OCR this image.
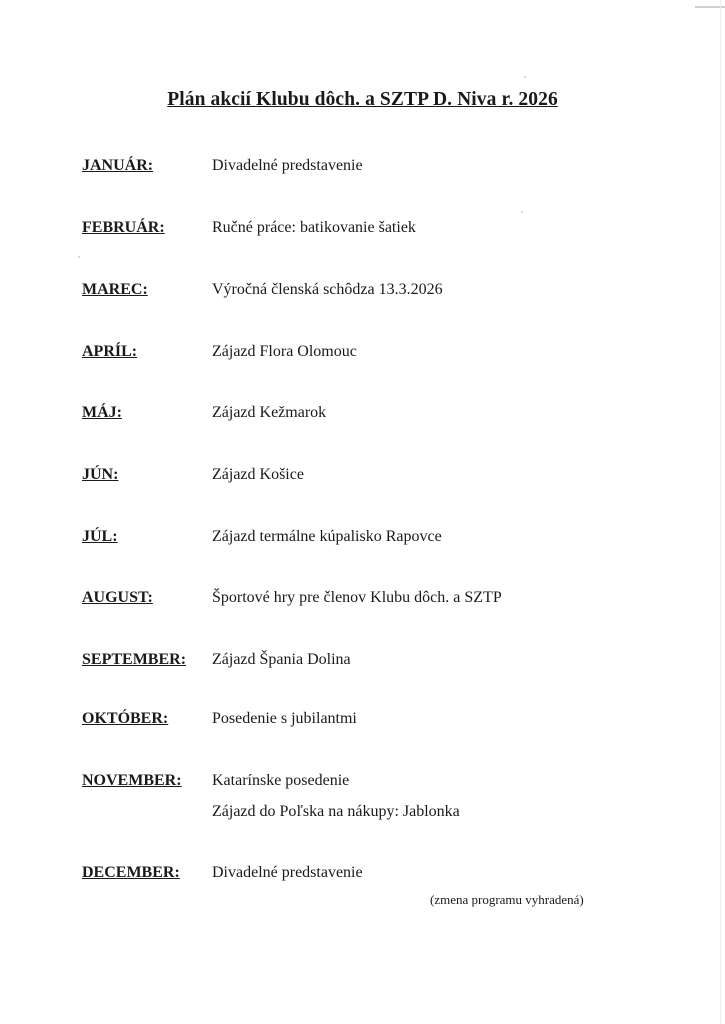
Plán akcií Klubu dôch. a SZTP D. Niva r. 2026
JANUÁR:	Divadelné predstavenie
FEBRUÁR:	Ručné práce: batikovanie šatiek
MAREC:	Výročná členská schôdza 13.3.2026
APRÍL:	Zájazd Flora Olomouc
MÁJ:	Zájazd Kežmarok
JÚN:	Zájazd Košice
JÚL:	Zájazd termálne kúpalisko Rapovce
AUGUST:	Športové hry pre členov Klubu dôch. a SZTP
SEPTEMBER: Zájazd Špania Dolina
OKTÓBER:	Posedenie s jubilantmi
NOVEMBER: Katarínske posedenie
Zájazd do Poľska na nákupy: Jablonka
DECEMBER: Divadelné predstavenie
(zmena programu vyhradená)
